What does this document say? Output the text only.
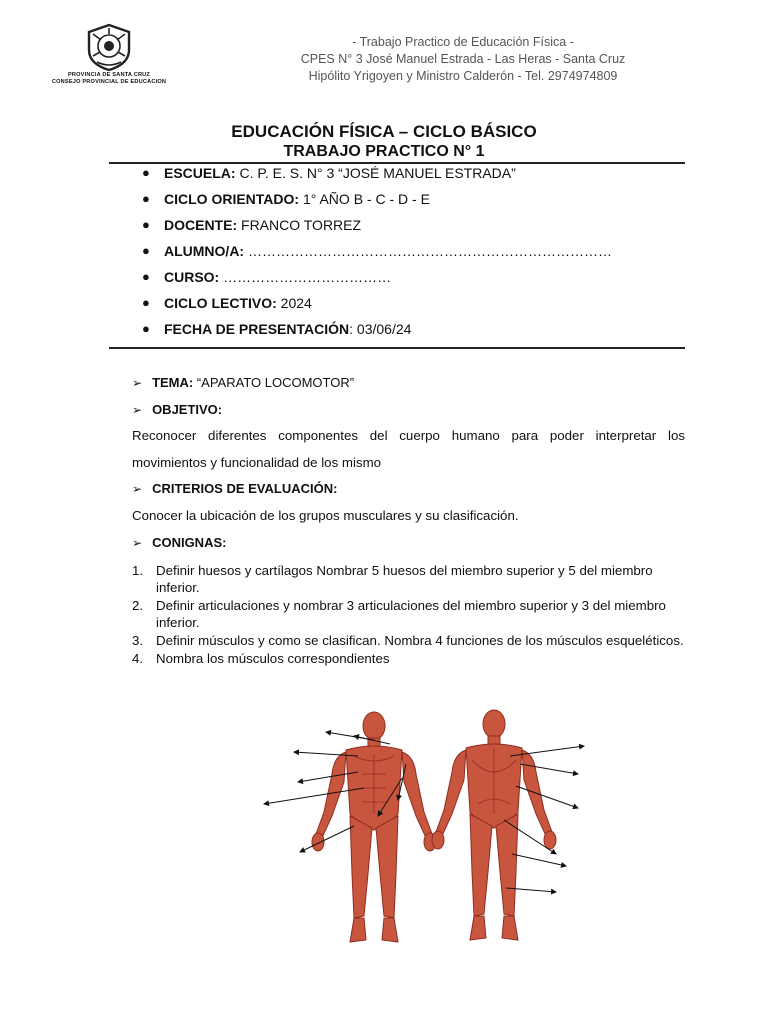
PROVINCIA DE SANTA CRUZ
CONSEJO PROVINCIAL DE EDUCACION
- Trabajo Practico de Educación Física -
CPES N° 3 José Manuel Estrada - Las Heras - Santa Cruz
Hipólito Yrigoyen y Ministro Calderón - Tel. 2974974809
EDUCACIÓN FÍSICA – CICLO BÁSICO
TRABAJO PRACTICO N° 1
● ESCUELA: C. P. E. S. N° 3 “JOSÉ MANUEL ESTRADA”
● CICLO ORIENTADO: 1° AÑO B - C - D - E
● DOCENTE: FRANCO TORREZ
● ALUMNO/A: ……………………………………………………………………
● CURSO: ………………………………
● CICLO LECTIVO: 2024
● FECHA DE PRESENTACIÓN: 03/06/24
➢ TEMA: “APARATO LOCOMOTOR”
➢ OBJETIVO:
Reconocer diferentes componentes del cuerpo humano para poder interpretar los
movimientos y funcionalidad de los mismo
➢ CRITERIOS DE EVALUACIÓN:
Conocer la ubicación de los grupos musculares y su clasificación.
➢ CONIGNAS:
1. Definir huesos y cartílagos Nombrar 5 huesos del miembro superior y 5 del miembro inferior.
2. Definir articulaciones y nombrar 3 articulaciones del miembro superior y 3 del miembro inferior.
3. Definir músculos y como se clasifican. Nombra 4 funciones de los músculos esqueléticos.
4. Nombra los músculos correspondientes
